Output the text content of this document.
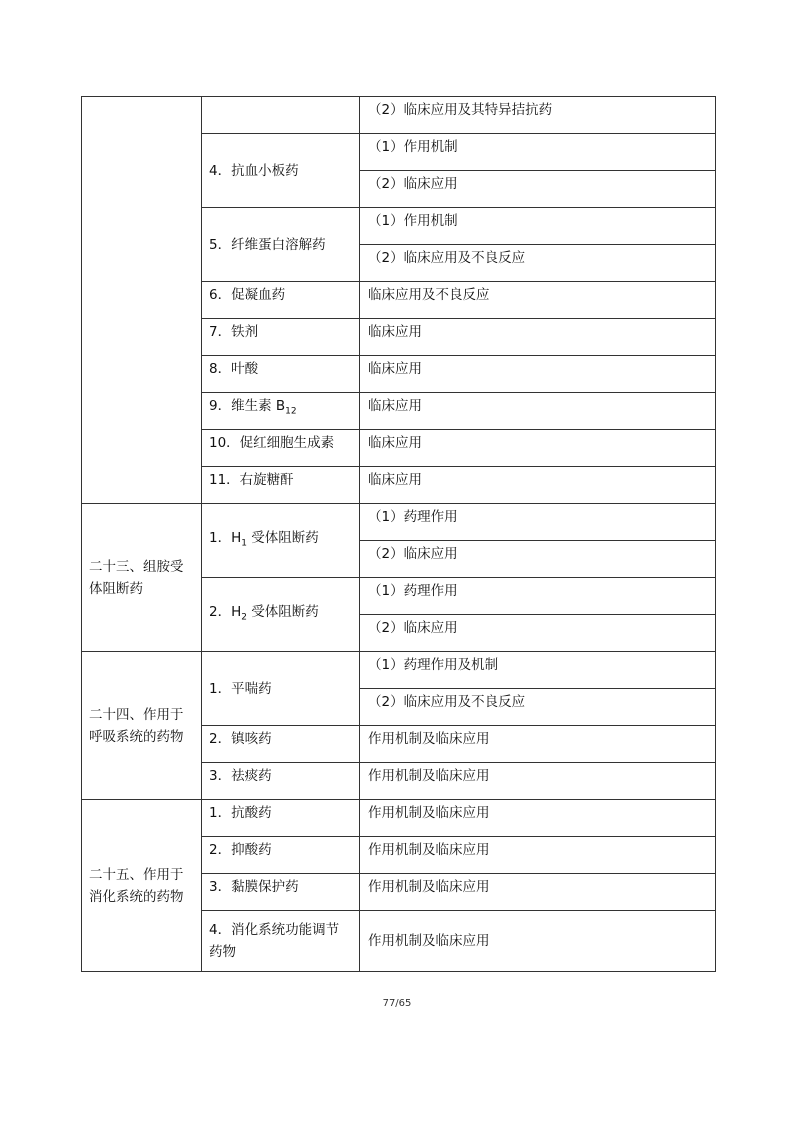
		（2）临床应用及其特异拮抗药
	4．抗血小板药	（1）作用机制
		（2）临床应用
	5．纤维蛋白溶解药	（1）作用机制
		（2）临床应用及不良反应
	6．促凝血药	临床应用及不良反应
	7．铁剂	临床应用
	8．叶酸	临床应用
	9．维生素 $B_{12}$	临床应用
	10．促红细胞生成素	临床应用
	11．右旋糖酐	临床应用
二十三、组胺受体阻断药	1．$H_1$ 受体阻断药	（1）药理作用
		（2）临床应用
	2．$H_2$ 受体阻断药	（1）药理作用
		（2）临床应用
二十四、作用于呼吸系统的药物	1．平喘药	（1）药理作用及机制
		（2）临床应用及不良反应
	2．镇咳药	作用机制及临床应用
	3．祛痰药	作用机制及临床应用
二十五、作用于消化系统的药物	1．抗酸药	作用机制及临床应用
	2．抑酸药	作用机制及临床应用
	3．黏膜保护药	作用机制及临床应用
	4．消化系统功能调节药物	作用机制及临床应用
77/65
